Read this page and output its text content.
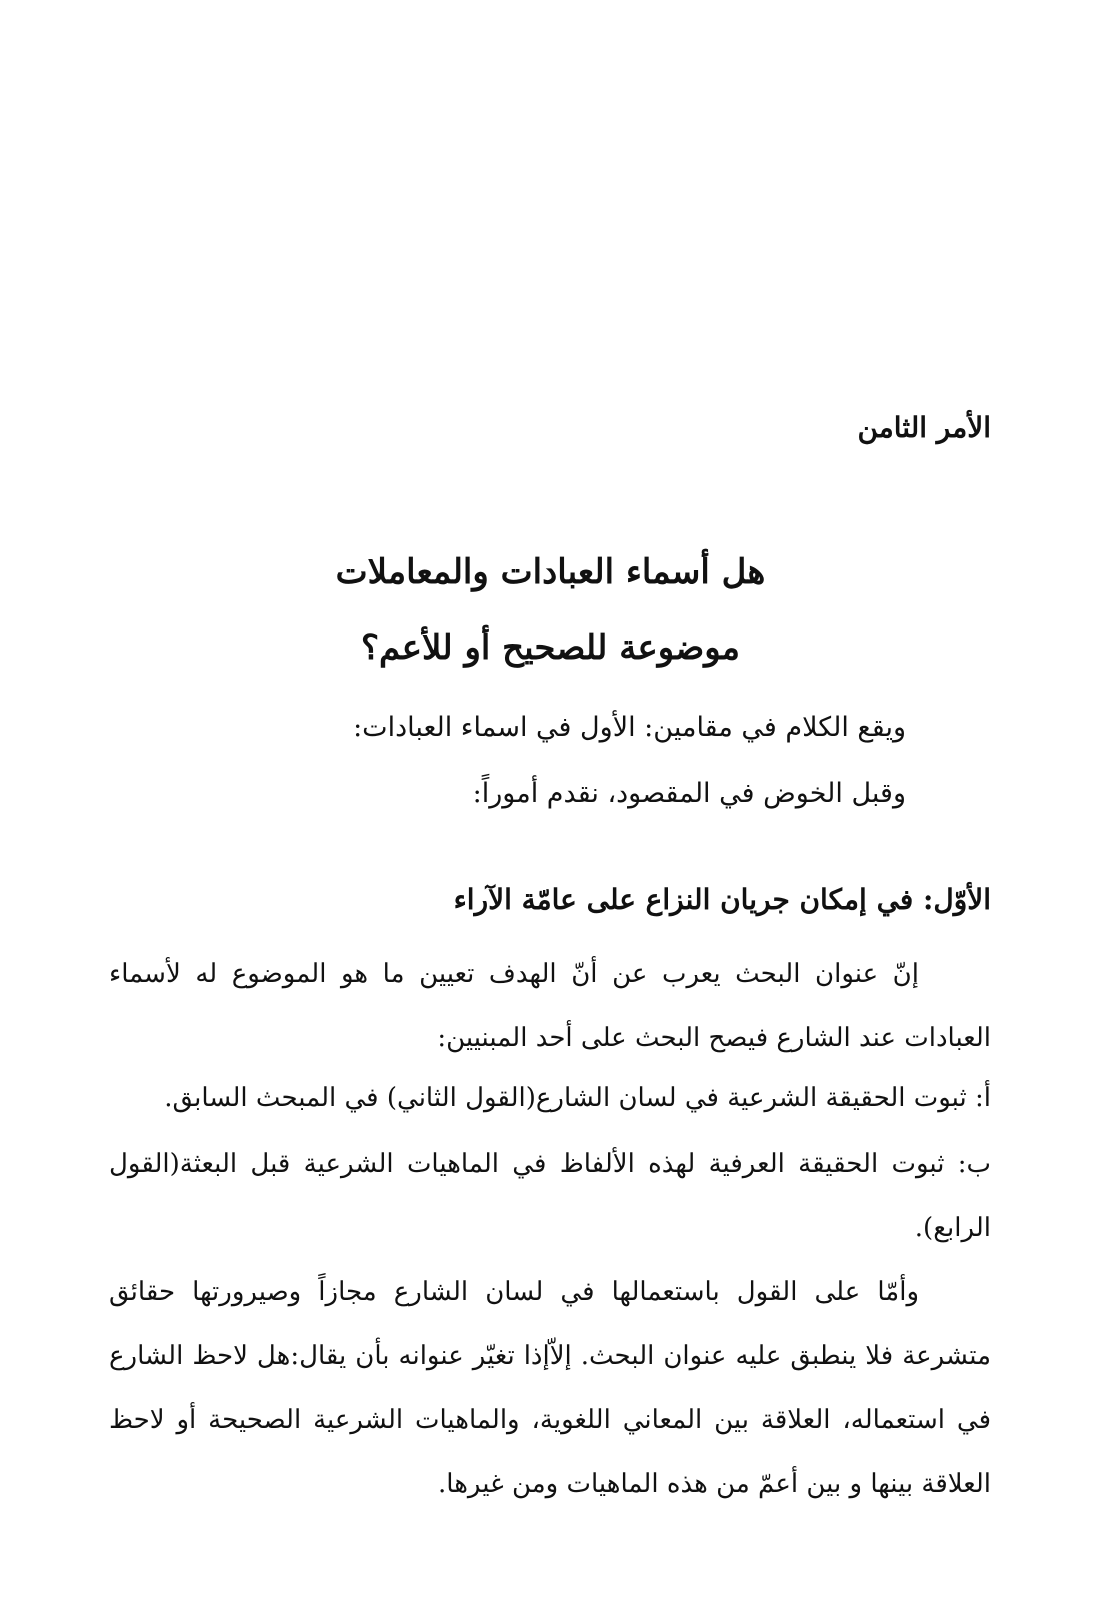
الأمر الثامن
هل أسماء العبادات والمعاملات
موضوعة للصحيح أو للأعم؟
ويقع الكلام في مقامين: الأول في اسماء العبادات:
وقبل الخوض في المقصود، نقدم أموراً:
الأوّل: في إمكان جريان النزاع على عامّة الآراء
إنّ عنوان البحث يعرب عن أنّ الهدف تعيين ما هو الموضوع له لأسماء العبادات عند الشارع فيصح البحث على أحد المبنيين:
أ: ثبوت الحقيقة الشرعية في لسان الشارع(القول الثاني) في المبحث السابق.
ب: ثبوت الحقيقة العرفية لهذه الألفاظ في الماهيات الشرعية قبل البعثة(القول الرابع).
وأمّا على القول باستعمالها في لسان الشارع مجازاً وصيرورتها حقائق متشرعة فلا ينطبق عليه عنوان البحث. إلاّإذا تغيّر عنوانه بأن يقال:هل لاحظ الشارع في استعماله، العلاقة بين المعاني اللغوية، والماهيات الشرعية الصحيحة أو لاحظ العلاقة بينها و بين أعمّ من هذه الماهيات ومن غيرها.
